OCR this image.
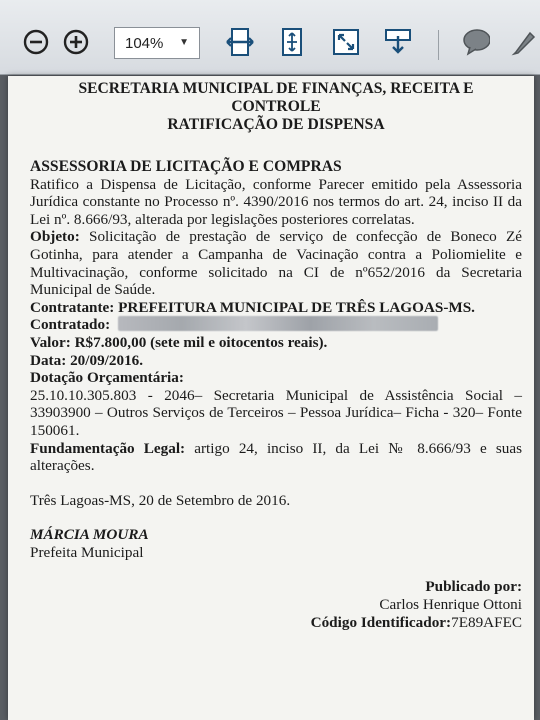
104% ▼

SECRETARIA MUNICIPAL DE FINANÇAS, RECEITA E

CONTROLE

RATIFICAÇÃO DE DISPENSA

ASSESSORIA DE LICITAÇÃO E COMPRAS

Ratifico a Dispensa de Licitação, conforme Parecer emitido pela Assessoria Jurídica constante no Processo nº. 4390/2016 nos termos do art. 24, inciso II da Lei nº. 8.666/93, alterada por legislações posteriores correlatas.

Objeto: Solicitação de prestação de serviço de confecção de Boneco Zé Gotinha, para atender a Campanha de Vacinação contra a Poliomielite e Multivacinação, conforme solicitado na CI de nº652/2016 da Secretaria Municipal de Saúde.

Contratante: PREFEITURA MUNICIPAL DE TRÊS LAGOAS-MS.

Contratado:

Valor: R$7.800,00 (sete mil e oitocentos reais).

Data: 20/09/2016.

Dotação Orçamentária:

25.10.10.305.803 - 2046– Secretaria Municipal de Assistência Social – 33903900 – Outros Serviços de Terceiros – Pessoa Jurídica– Ficha - 320– Fonte 150061.

Fundamentação Legal: artigo 24, inciso II, da Lei № 8.666/93 e suas alterações.

Três Lagoas-MS, 20 de Setembro de 2016.

MÁRCIA MOURA

Prefeita Municipal

Publicado por:

Carlos Henrique Ottoni

Código Identificador:7E89AFEC
